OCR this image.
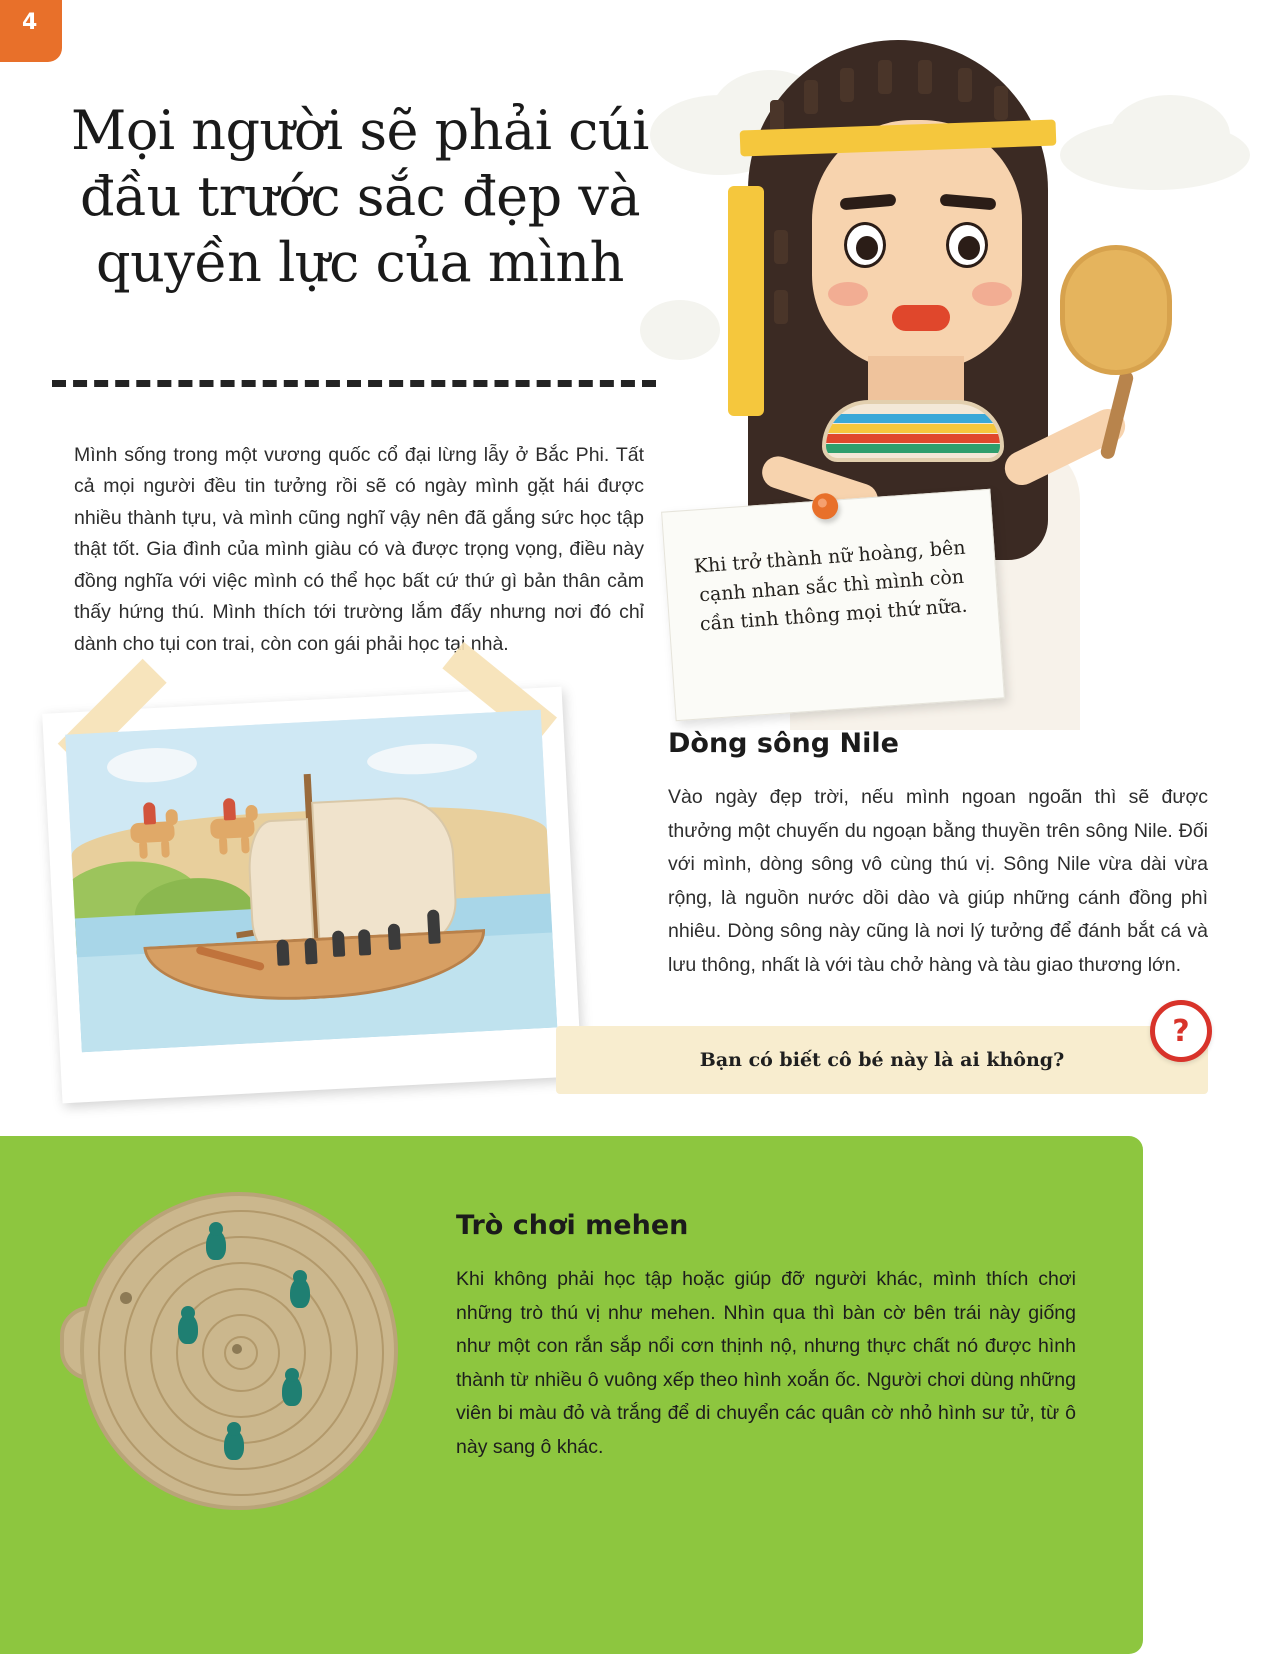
4
Mọi người sẽ phải cúi đầu trước sắc đẹp và quyền lực của mình

Mình sống trong một vương quốc cổ đại lừng lẫy ở Bắc Phi. Tất cả mọi người đều tin tưởng rồi sẽ có ngày mình gặt hái được nhiều thành tựu, và mình cũng nghĩ vậy nên đã gắng sức học tập thật tốt. Gia đình của mình giàu có và được trọng vọng, điều này đồng nghĩa với việc mình có thể học bất cứ thứ gì bản thân cảm thấy hứng thú. Mình thích tới trường lắm đấy nhưng nơi đó chỉ dành cho tụi con trai, còn con gái phải học tại nhà.

Khi trở thành nữ hoàng, bên cạnh nhan sắc thì mình còn cần tinh thông mọi thứ nữa.
Dòng sông Nile

Vào ngày đẹp trời, nếu mình ngoan ngoãn thì sẽ được thưởng một chuyến du ngoạn bằng thuyền trên sông Nile. Đối với mình, dòng sông vô cùng thú vị. Sông Nile vừa dài vừa rộng, là nguồn nước dồi dào và giúp những cánh đồng phì nhiêu. Dòng sông này cũng là nơi lý tưởng để đánh bắt cá và lưu thông, nhất là với tàu chở hàng và tàu giao thương lớn.

Bạn có biết cô bé này là ai không?
?
Trò chơi mehen

Khi không phải học tập hoặc giúp đỡ người khác, mình thích chơi những trò thú vị như mehen. Nhìn qua thì bàn cờ bên trái này giống như một con rắn sắp nổi cơn thịnh nộ, nhưng thực chất nó được hình thành từ nhiều ô vuông xếp theo hình xoắn ốc. Người chơi dùng những viên bi màu đỏ và trắng để di chuyển các quân cờ nhỏ hình sư tử, từ ô này sang ô khác.
